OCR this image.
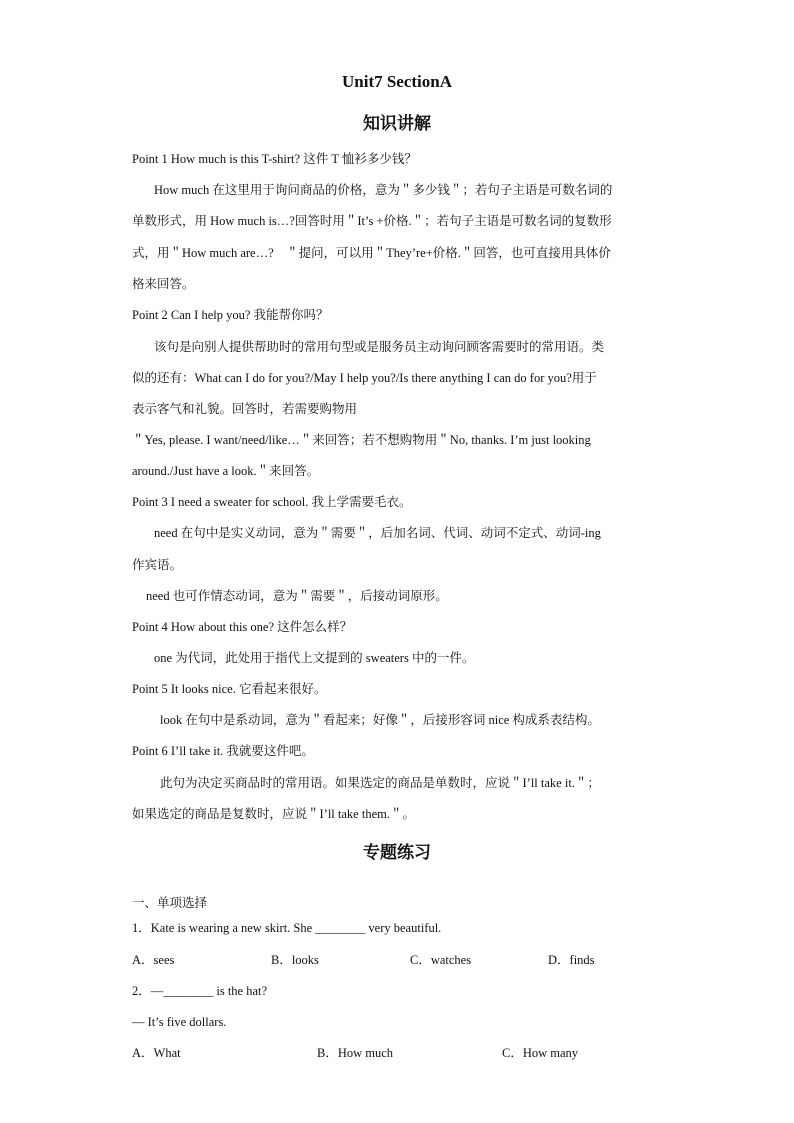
Unit7 SectionA
知识讲解
Point 1 How much is this T-shirt? 这件 T 恤衫多少钱？
How much 在这里用于询问商品的价格，意为＂多少钱＂；若句子主语是可数名词的
单数形式，用 How much is…?回答时用＂It’s +价格.＂；若句子主语是可数名词的复数形
式，用＂How much are…?　＂提问，可以用＂They’re+价格.＂回答，也可直接用具体价
格来回答。
Point 2 Can I help you? 我能帮你吗？
该句是向别人提供帮助时的常用句型或是服务员主动询问顾客需要时的常用语。类
似的还有：What can I do for you?/May I help you?/Is there anything I can do for you?用于
表示客气和礼貌。回答时，若需要购物用
＂Yes, please. I want/need/like…＂来回答；若不想购物用＂No, thanks. I’m just looking
around./Just have a look.＂来回答。
Point 3 I need a sweater for school. 我上学需要毛衣。
need 在句中是实义动词，意为＂需要＂，后加名词、代词、动词不定式、动词-ing
作宾语。
need 也可作情态动词，意为＂需要＂，后接动词原形。
Point 4 How about this one? 这件怎么样？
one 为代词，此处用于指代上文提到的 sweaters 中的一件。
Point 5 It looks nice. 它看起来很好。
look 在句中是系动词，意为＂看起来；好像＂，后接形容词 nice 构成系表结构。
Point 6 I’ll take it. 我就要这件吧。
此句为决定买商品时的常用语。如果选定的商品是单数时，应说＂I’ll take it.＂；
如果选定的商品是复数时，应说＂I’ll take them.＂。
专题练习
一、单项选择
1．Kate is wearing a new skirt. She ________ very beautiful.
A．sees	B．looks	C．watches	D．finds
2．—________ is the hat?
— It’s five dollars.
A．What	B．How much	C．How many
